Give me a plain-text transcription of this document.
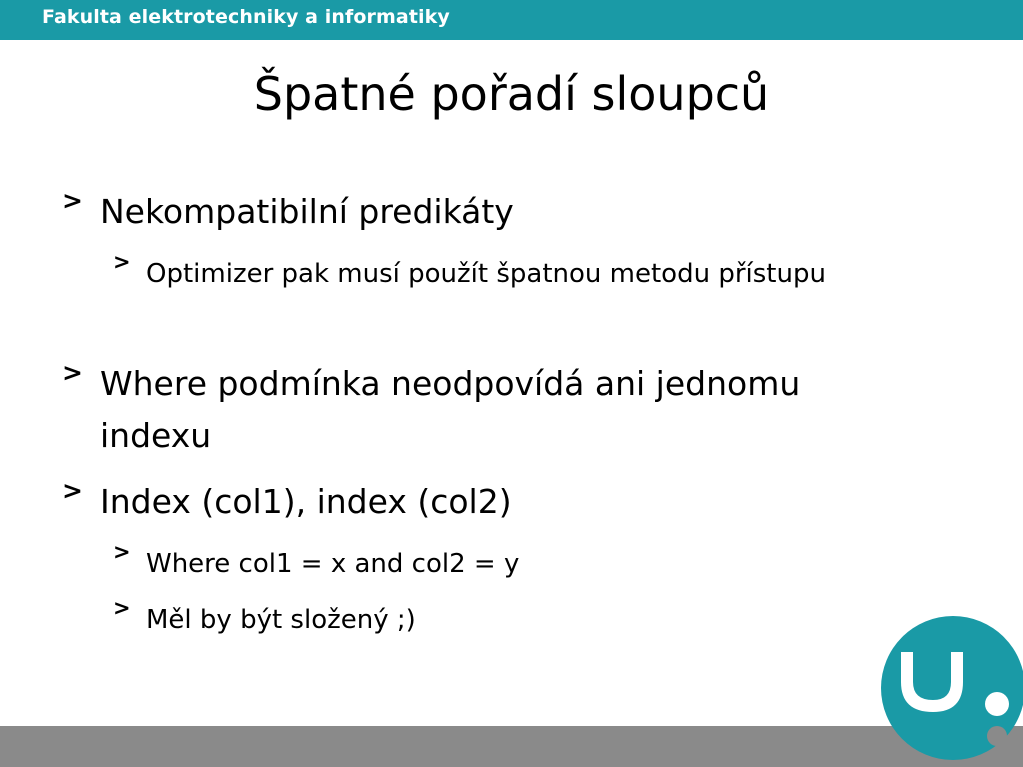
Fakulta elektrotechniky a informatiky
Špatné pořadí sloupců
> Nekompatibilní predikáty
> Optimizer pak musí použít špatnou metodu přístupu
> Where podmínka neodpovídá ani jednomu indexu
> Index (col1), index (col2)
> Where col1 = x and col2 = y
> Měl by být složený ;)
